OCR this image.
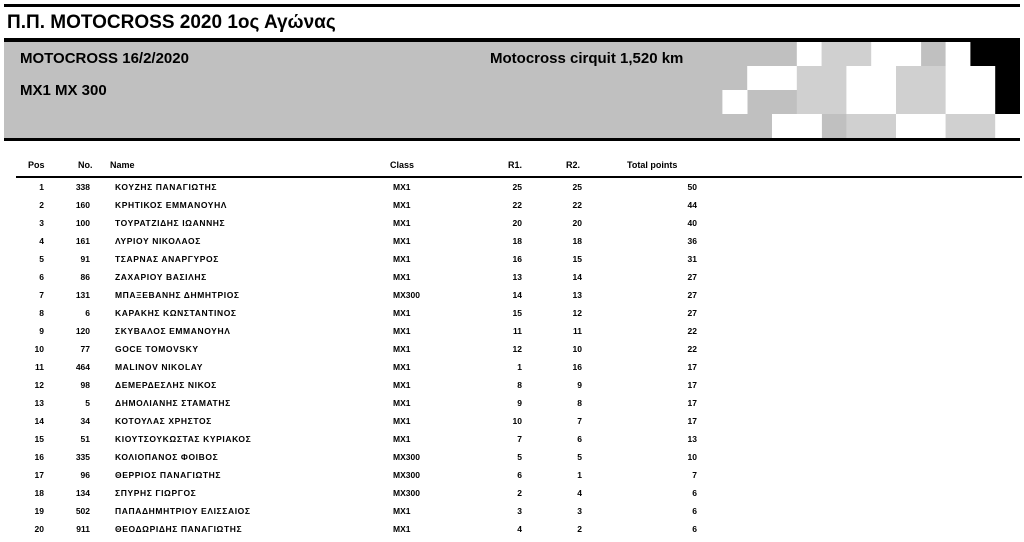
Π.Π. MOTOCROSS 2020 1ος Αγώνας
MOTOCROSS 16/2/2020
MX1 MX 300
Motocross cirquit 1,520 km
Pos	No. Name	Class	R1.	R2.	Total points
1	338	ΚΟΥΖΗΣ ΠΑΝΑΓΙΩΤΗΣ	MX1	25	25	50
2	160	ΚΡΗΤΙΚΟΣ ΕΜΜΑΝΟΥΗΛ	MX1	22	22	44
3	100	ΤΟΥΡΑΤΖΙΔΗΣ ΙΩΑΝΝΗΣ	MX1	20	20	40
4	161	ΛΥΡΙΟΥ ΝΙΚΟΛΑΟΣ	MX1	18	18	36
5	91	ΤΣΑΡΝΑΣ ΑΝΑΡΓΥΡΟΣ	MX1	16	15	31
6	86	ΖΑΧΑΡΙΟΥ ΒΑΣΙΛΗΣ	MX1	13	14	27
7	131	ΜΠΑΞΕΒΑΝΗΣ ΔΗΜΗΤΡΙΟΣ	MX300	14	13	27
8	6	ΚΑΡΑΚΗΣ ΚΩΝΣΤΑΝΤΙΝΟΣ	MX1	15	12	27
9	120	ΣΚΥΒΑΛΟΣ ΕΜΜΑΝΟΥΗΛ	MX1	11	11	22
10	77	GOCE TOMOVSKY	MX1	12	10	22
11	464	MALINOV NIKOLAY	MX1	1	16	17
12	98	ΔΕΜΕΡΔΕΣΛΗΣ ΝΙΚΟΣ	MX1	8	9	17
13	5	ΔΗΜΟΛΙΑΝΗΣ ΣΤΑΜΑΤΗΣ	MX1	9	8	17
14	34	ΚΟΤΟΥΛΑΣ ΧΡΗΣΤΟΣ	MX1	10	7	17
15	51	ΚΙΟΥΤΣΟΥΚΩΣΤΑΣ ΚΥΡΙΑΚΟΣ	MX1	7	6	13
16	335	ΚΟΛΙΟΠΑΝΟΣ ΦΟΙΒΟΣ	MX300	5	5	10
17	96	ΘΕΡΡΙΟΣ ΠΑΝΑΓΙΩΤΗΣ	MX300	6	1	7
18	134	ΣΠΥΡΗΣ ΓΙΩΡΓΟΣ	MX300	2	4	6
19	502	ΠΑΠΑΔΗΜΗΤΡΙΟΥ ΕΛΙΣΣΑΙΟΣ	MX1	3	3	6
20	911	ΘΕΟΔΩΡΙΔΗΣ ΠΑΝΑΓΙΩΤΗΣ	MX1	4	2	6
